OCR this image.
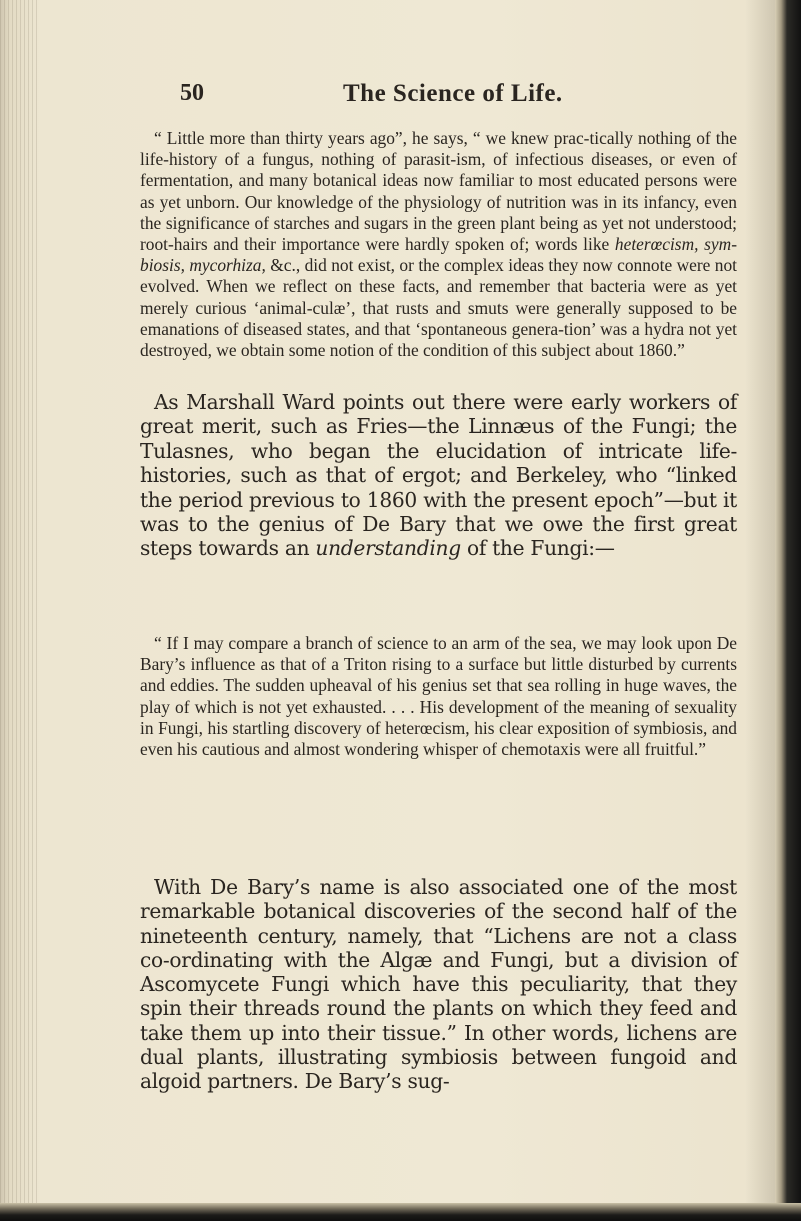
50	The Science of Life.

“ Little more than thirty years ago”, he says, “ we knew prac-tically nothing of the life-history of a fungus, nothing of parasit-ism, of infectious diseases, or even of fermentation, and many botanical ideas now familiar to most educated persons were as yet unborn. Our knowledge of the physiology of nutrition was in its infancy, even the significance of starches and sugars in the green plant being as yet not understood; root-hairs and their importance were hardly spoken of; words like heterœcism, sym-biosis, mycorhiza, &c., did not exist, or the complex ideas they now connote were not evolved. When we reflect on these facts, and remember that bacteria were as yet merely curious ‘animal-culæ’, that rusts and smuts were generally supposed to be emanations of diseased states, and that ‘spontaneous genera-tion’ was a hydra not yet destroyed, we obtain some notion of the condition of this subject about 1860.”

As Marshall Ward points out there were early workers of great merit, such as Fries—the Linnæus of the Fungi; the Tulasnes, who began the elucidation of intricate life-histories, such as that of ergot; and Berkeley, who “linked the period previous to 1860 with the present epoch”—but it was to the genius of De Bary that we owe the first great steps towards an understanding of the Fungi:—

“ If I may compare a branch of science to an arm of the sea, we may look upon De Bary’s influence as that of a Triton rising to a surface but little disturbed by currents and eddies. The sudden upheaval of his genius set that sea rolling in huge waves, the play of which is not yet exhausted. . . . His development of the meaning of sexuality in Fungi, his startling discovery of heterœcism, his clear exposition of symbiosis, and even his cautious and almost wondering whisper of chemotaxis were all fruitful.”

With De Bary’s name is also associated one of the most remarkable botanical discoveries of the second half of the nineteenth century, namely, that “Lichens are not a class co-ordinating with the Algæ and Fungi, but a division of Ascomycete Fungi which have this peculiarity, that they spin their threads round the plants on which they feed and take them up into their tissue.” In other words, lichens are dual plants, illustrating symbiosis between fungoid and algoid partners. De Bary’s sug-
